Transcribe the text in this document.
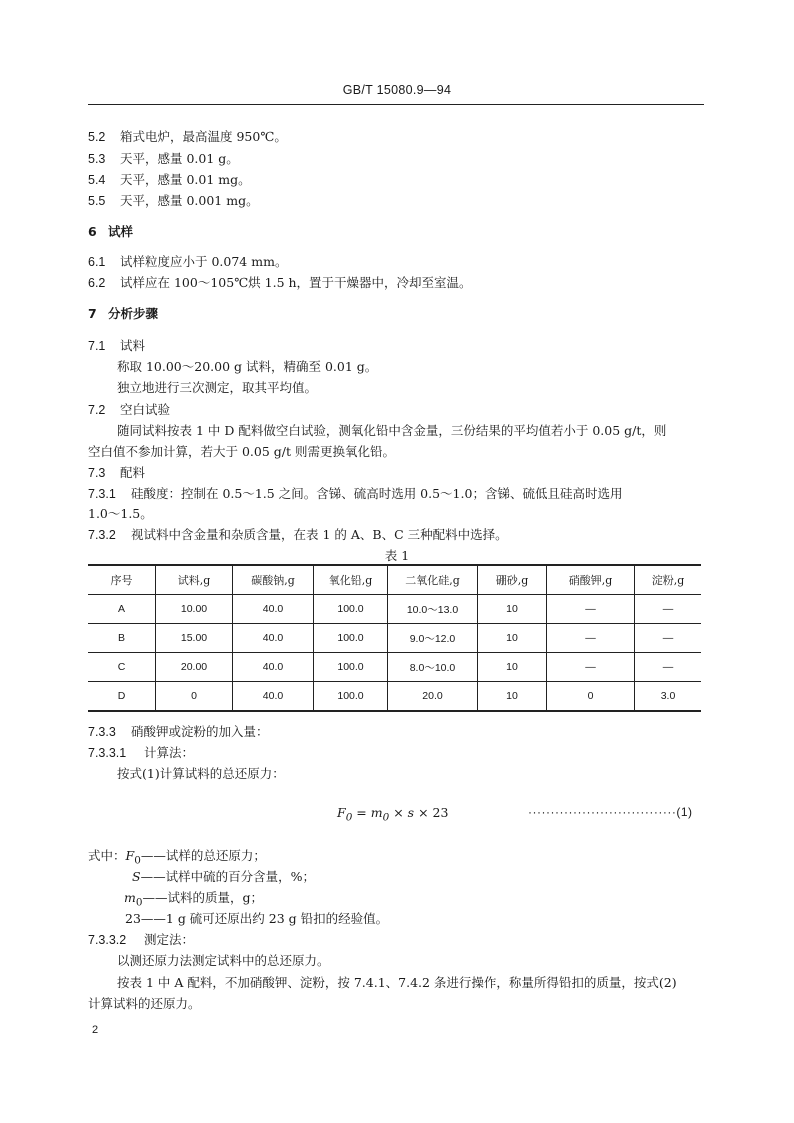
GB/T 15080.9—94
5.2 箱式电炉，最高温度 950℃。
5.3 天平，感量 0.01 g。
5.4 天平，感量 0.01 mg。
5.5 天平，感量 0.001 mg。
6 试样
6.1 试样粒度应小于 0.074 mm。
6.2 试样应在 100～105℃烘 1.5 h，置于干燥器中，冷却至室温。
7 分析步骤
7.1 试料
称取 10.00～20.00 g 试料，精确至 0.01 g。
独立地进行三次测定，取其平均值。
7.2 空白试验
随同试料按表 1 中 D 配料做空白试验，测氧化铅中含金量，三份结果的平均值若小于 0.05 g/t，则
空白值不参加计算，若大于 0.05 g/t 则需更换氧化铅。
7.3 配料
7.3.1 硅酸度：控制在 0.5～1.5 之间。含锑、硫高时选用 0.5～1.0；含锑、硫低且硅高时选用
1.0～1.5。
7.3.2 视试料中含金量和杂质含量，在表 1 的 A、B、C 三种配料中选择。
表 1
序号	试料,g	碳酸钠,g	氧化铅,g	二氧化硅,g	硼砂,g	硝酸钾,g	淀粉,g
A	10.00	40.0	100.0	10.0～13.0	10	—	—
B	15.00	40.0	100.0	9.0～12.0	10	—	—
C	20.00	40.0	100.0	8.0～10.0	10	—	—
D	0	40.0	100.0	20.0	10	0	3.0
7.3.3 硝酸钾或淀粉的加入量：
7.3.3.1 计算法：
按式(1)计算试料的总还原力：
$F_0 = m_0 \times s \times 23$	·································(1)
式中：$F_0——$试样的总还原力；
S——试样中硫的百分含量，%；
$m_0——$试料的质量，g；
23——1 g 硫可还原出约 23 g 铅扣的经验值。
7.3.3.2 测定法：
以测还原力法测定试料中的总还原力。
按表 1 中 A 配料，不加硝酸钾、淀粉，按 7.4.1、7.4.2 条进行操作，称量所得铅扣的质量，按式(2)
计算试料的还原力。
2
